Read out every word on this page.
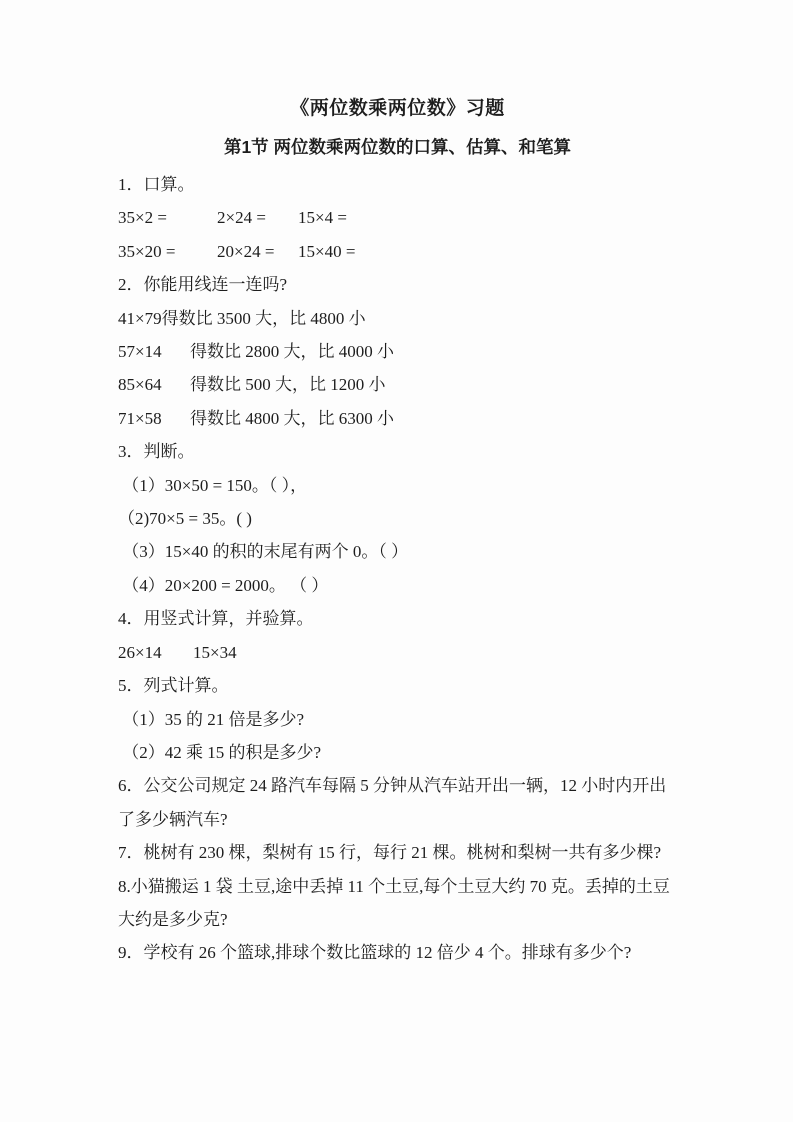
《两位数乘两位数》习题
第1节 两位数乘两位数的口算、估算、和笔算

1．口算。

35×2 =	2×24 = 15×4 =

35×20 = 20×24 = 15×40 =

2．你能用线连一连吗?

41×79得数比 3500 大，比 4800 小

57×14 得数比 2800 大，比 4000 小

85×64 得数比 500 大，比 1200 小

71×58 得数比 4800 大，比 6300 小

3．判断。

（1）30×50 = 150。（ ），

（2)70×5 = 35。( )

（3）15×40 的积的末尾有两个 0。（ ）

（4）20×200 = 2000。 （ ）

4．用竖式计算，并验算。

26×14 15×34

5．列式计算。

（1）35 的 21 倍是多少?

（2）42 乘 15 的积是多少?

6．公交公司规定 24 路汽车每隔 5 分钟从汽车站开出一辆，12 小时内开出了多少辆汽车?

7．桃树有 230 棵，梨树有 15 行，每行 21 棵。桃树和梨树一共有多少棵?

8.小猫搬运 1 袋 土豆,途中丢掉 11 个土豆,每个土豆大约 70 克。丢掉的土豆大约是多少克?

9．学校有 26 个篮球,排球个数比篮球的 12 倍少 4 个。排球有多少个?
